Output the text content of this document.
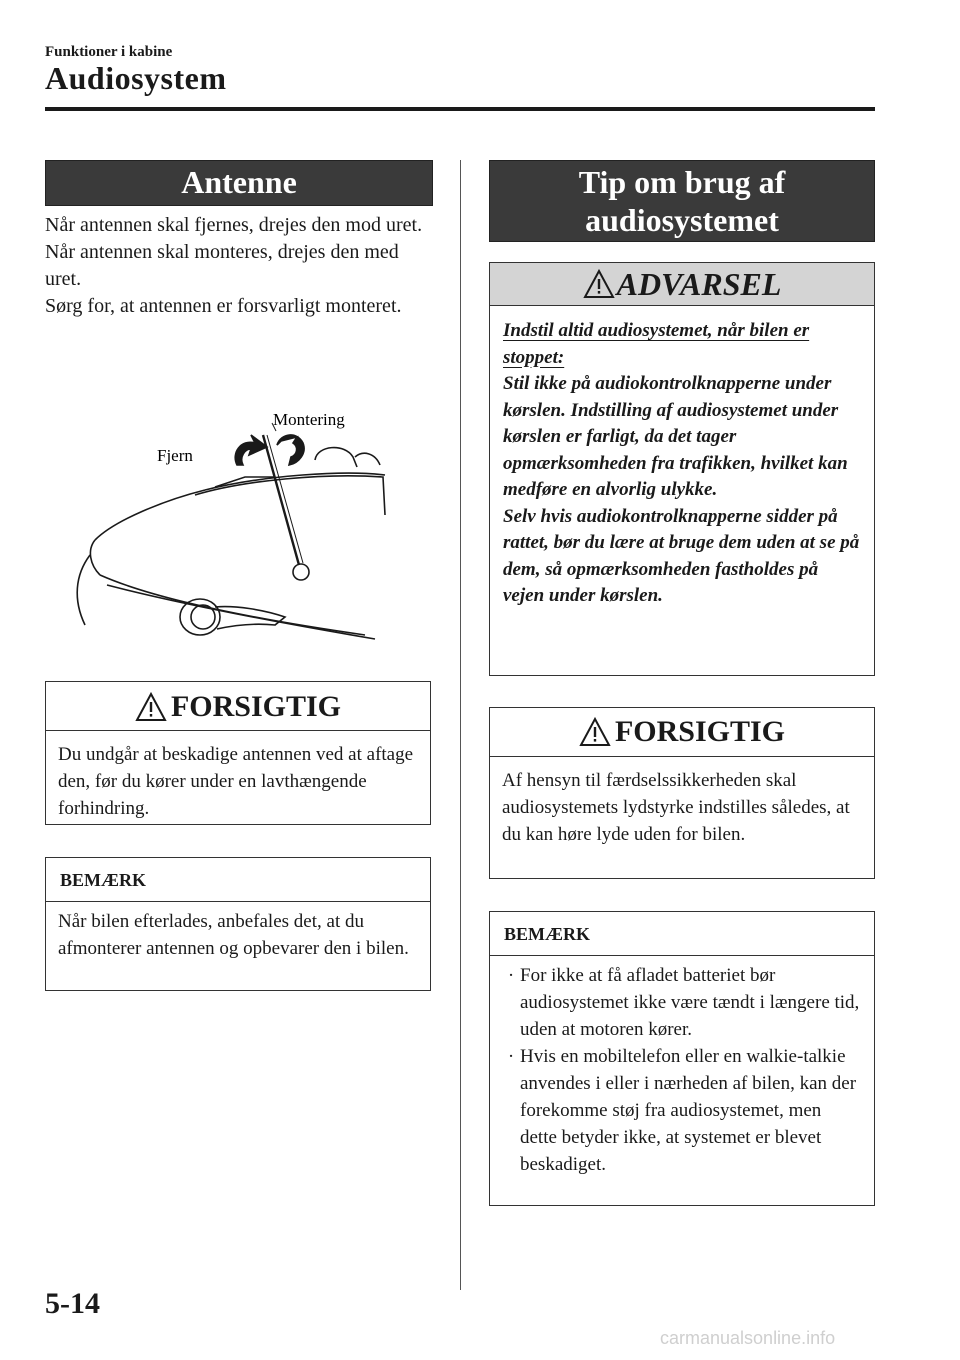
Funktioner i kabine
Audiosystem
Antenne

Når antennen skal fjernes, drejes den mod uret.

Når antennen skal monteres, drejes den med uret.

Sørg for, at antennen er forsvarligt monteret.

Montering
Fjern
FORSIGTIG
Du undgår at beskadige antennen ved at aftage den, før du kører under en lavthængende forhindring.
BEMÆRK
Når bilen efterlades, anbefales det, at du afmonterer antennen og opbevarer den i bilen.
Tip om brug af
audiosystemet
ADVARSEL
Indstil altid audiosystemet, når bilen er stoppet:
Stil ikke på audiokontrolknapperne under kørslen. Indstilling af audiosystemet under kørslen er farligt, da det tager opmærksomheden fra trafikken, hvilket kan medføre en alvorlig ulykke.
Selv hvis audiokontrolknapperne sidder på rattet, bør du lære at bruge dem uden at se på dem, så opmærksomheden fastholdes på vejen under kørslen.
FORSIGTIG
Af hensyn til færdselssikkerheden skal audiosystemets lydstyrke indstilles således, at du kan høre lyde uden for bilen.
BEMÆRK
· For ikke at få afladet batteriet bør audiosystemet ikke være tændt i længere tid, uden at motoren kører.
· Hvis en mobiltelefon eller en walkie-talkie anvendes i eller i nærheden af bilen, kan der forekomme støj fra audiosystemet, men dette betyder ikke, at systemet er blevet beskadiget.
5-14
carmanualsonline.info
